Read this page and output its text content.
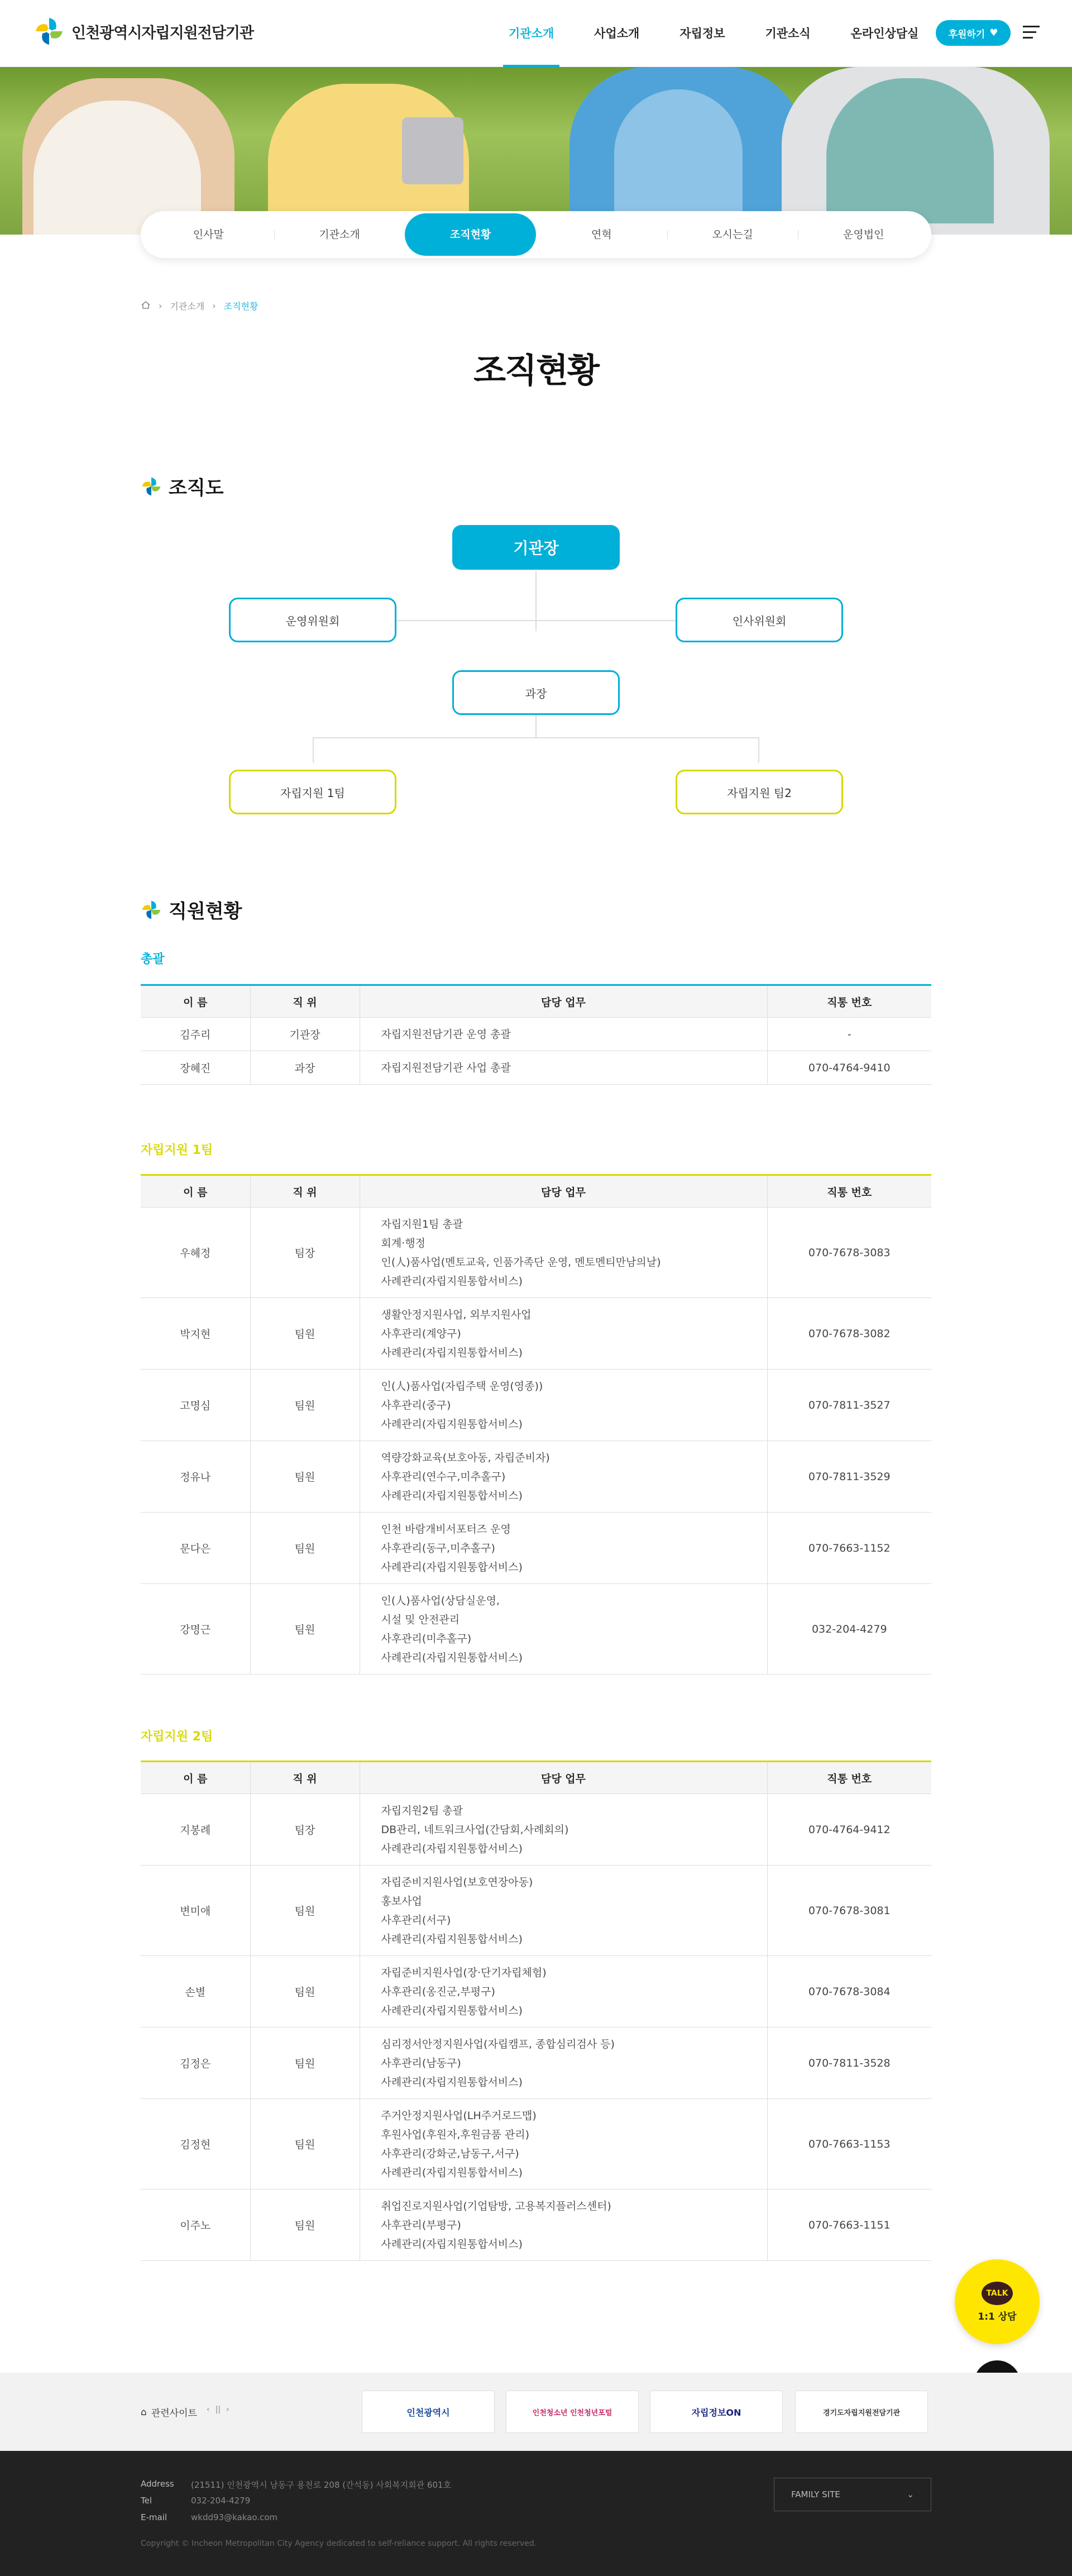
인천광역시자립지원전담기관	기관소개	사업소개	자립정보	기관소식	온라인상담실	후원하기 ♥
인사말	기관소개	조직현황	연혁	오시는길	운영법인
› 기관소개 › 조직현황
조직현황
조직도
기관장
운영위원회	인사위원회
과장
자립지원 1팀	자립지원 팀2
직원현황
총괄
이 름	직 위	담당 업무	직통 번호
김주리	기관장	자립지원전담기관 운영 총괄	-
장혜진	과장	자립지원전담기관 사업 총괄	070-4764-9410
자립지원 1팀
이 름	직 위	담당 업무	직통 번호
우혜정	팀장	자립지원1팀 총괄
회계·행정
인(人)품사업(멘토교육, 인품가족단 운영, 멘토멘티만남의날)
사례관리(자립지원통합서비스)	070-7678-3083
박지현	팀원	생활안정지원사업, 외부지원사업
사후관리(계양구)
사례관리(자립지원통합서비스)	070-7678-3082
고명심	팀원	인(人)품사업(자립주택 운영(영종))
사후관리(중구)
사례관리(자립지원통합서비스)	070-7811-3527
정유나	팀원	역량강화교육(보호아동, 자립준비자)
사후관리(연수구,미추홀구)
사례관리(자립지원통합서비스)	070-7811-3529
문다은	팀원	인천 바람개비서포터즈 운영
사후관리(동구,미추홀구)
사례관리(자립지원통합서비스)	070-7663-1152
강명근	팀원	인(人)품사업(상담실운영,
시설 및 안전관리
사후관리(미추홀구)
사례관리(자립지원통합서비스)	032-204-4279
자립지원 2팀
이 름	직 위	담당 업무	직통 번호
지봉례	팀장	자립지원2팀 총괄
DB관리, 네트워크사업(간담회,사례회의)
사례관리(자립지원통합서비스)	070-4764-9412
변미애	팀원	자립준비지원사업(보호연장아동)
홍보사업
사후관리(서구)
사례관리(자립지원통합서비스)	070-7678-3081
손별	팀원	자립준비지원사업(장·단기자립체험)
사후관리(옹진군,부평구)
사례관리(자립지원통합서비스)	070-7678-3084
김정은	팀원	심리정서안정지원사업(자립캠프, 종합심리검사 등)
사후관리(남동구)
사례관리(자립지원통합서비스)	070-7811-3528
김정현	팀원	주거안정지원사업(LH주거로드맵)
후원사업(후원자,후원금품 관리)
사후관리(강화군,남동구,서구)
사례관리(자립지원통합서비스)	070-7663-1153
이주노	팀원	취업진로지원사업(기업탐방, 고용복지플러스센터)
사후관리(부평구)
사례관리(자립지원통합서비스)	070-7663-1151
TALK
1:1 상담
⌂ 관련사이트 ‹ || ›	인천광역시	인천청소년 인천청년포털	자립정보ON	경기도자립지원전담기관
Address (21511) 인천광역시 남동구 용천로 208 (간석동) 사회복지회관 601호
Tel	032-204-4279
E-mail	wkdd93@kakao.com
FAMILY SITE	⌄
Copyright © Incheon Metropolitan City Agency dedicated to self-reliance support. All rights reserved.
